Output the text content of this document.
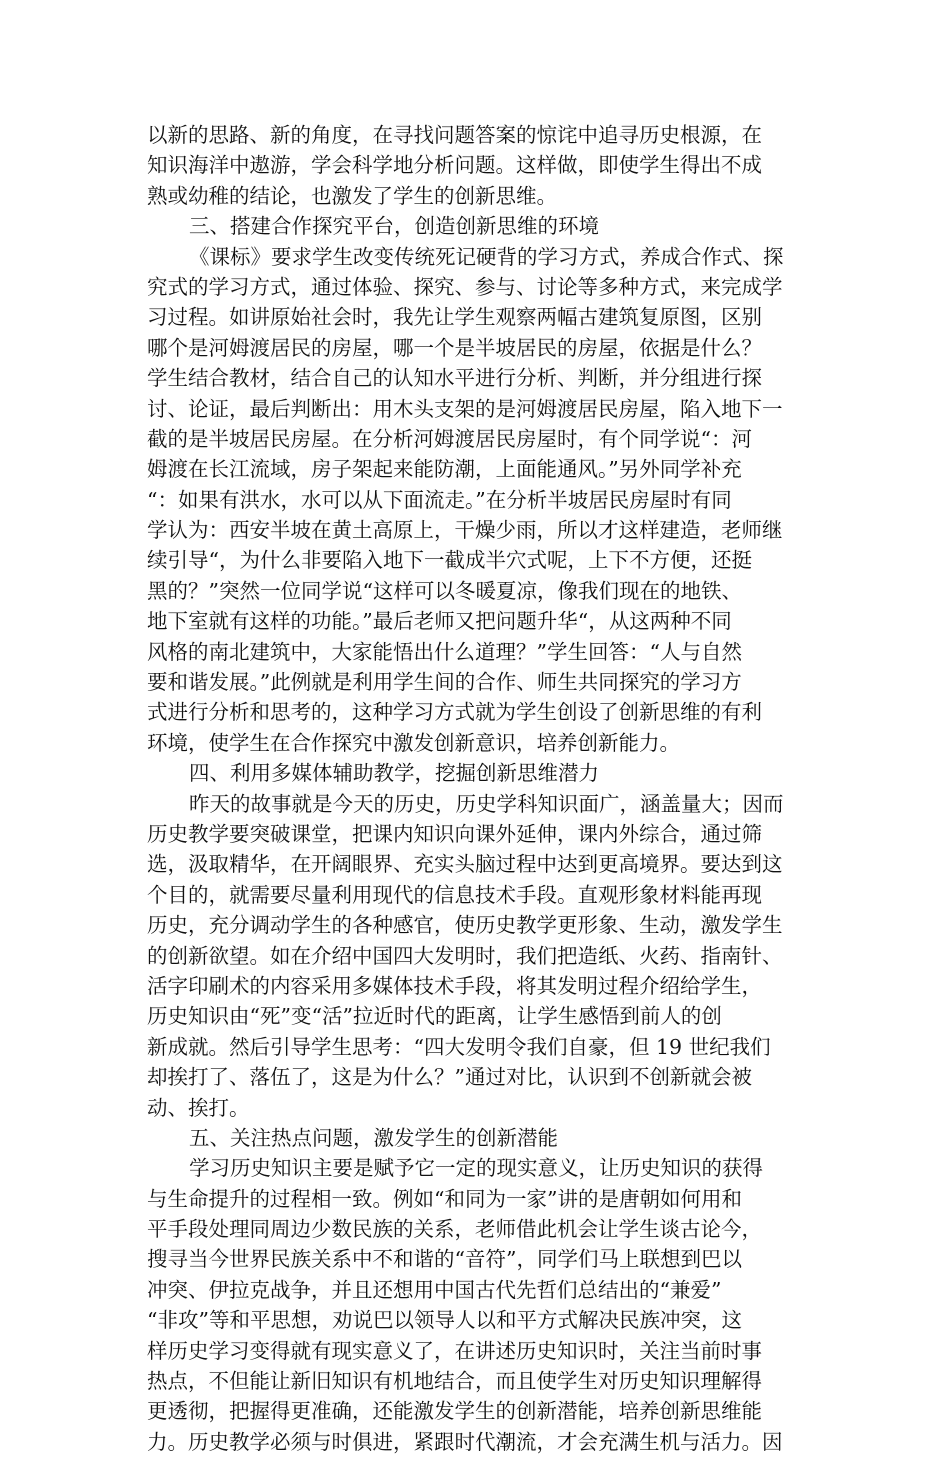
以新的思路、新的角度，在寻找问题答案的惊诧中追寻历史根源，在
知识海洋中遨游，学会科学地分析问题。这样做，即使学生得出不成
熟或幼稚的结论，也激发了学生的创新思维。
三、搭建合作探究平台，创造创新思维的环境
《课标》要求学生改变传统死记硬背的学习方式，养成合作式、探
究式的学习方式，通过体验、探究、参与、讨论等多种方式，来完成学
习过程。如讲原始社会时，我先让学生观察两幅古建筑复原图，区别
哪个是河姆渡居民的房屋，哪一个是半坡居民的房屋，依据是什么？
学生结合教材，结合自己的认知水平进行分析、判断，并分组进行探
讨、论证，最后判断出：用木头支架的是河姆渡居民房屋，陷入地下一
截的是半坡居民房屋。在分析河姆渡居民房屋时，有个同学说“：河
姆渡在长江流域，房子架起来能防潮，上面能通风。”另外同学补充
“：如果有洪水，水可以从下面流走。”在分析半坡居民房屋时有同
学认为：西安半坡在黄土高原上，干燥少雨，所以才这样建造，老师继
续引导“，为什么非要陷入地下一截成半穴式呢，上下不方便，还挺
黑的？”突然一位同学说“这样可以冬暖夏凉，像我们现在的地铁、
地下室就有这样的功能。”最后老师又把问题升华“，从这两种不同
风格的南北建筑中，大家能悟出什么道理？”学生回答：“人与自然
要和谐发展。”此例就是利用学生间的合作、师生共同探究的学习方
式进行分析和思考的，这种学习方式就为学生创设了创新思维的有利
环境，使学生在合作探究中激发创新意识，培养创新能力。
四、利用多媒体辅助教学，挖掘创新思维潜力
昨天的故事就是今天的历史，历史学科知识面广，涵盖量大；因而
历史教学要突破课堂，把课内知识向课外延伸，课内外综合，通过筛
选，汲取精华，在开阔眼界、充实头脑过程中达到更高境界。要达到这
个目的，就需要尽量利用现代的信息技术手段。直观形象材料能再现
历史，充分调动学生的各种感官，使历史教学更形象、生动，激发学生
的创新欲望。如在介绍中国四大发明时，我们把造纸、火药、指南针、
活字印刷术的内容采用多媒体技术手段，将其发明过程介绍给学生，
历史知识由“死”变“活”拉近时代的距离，让学生感悟到前人的创
新成就。然后引导学生思考：“四大发明令我们自豪，但 19 世纪我们
却挨打了、落伍了，这是为什么？”通过对比，认识到不创新就会被
动、挨打。
五、关注热点问题，激发学生的创新潜能
学习历史知识主要是赋予它一定的现实意义，让历史知识的获得
与生命提升的过程相一致。例如“和同为一家”讲的是唐朝如何用和
平手段处理同周边少数民族的关系，老师借此机会让学生谈古论今，
搜寻当今世界民族关系中不和谐的“音符”，同学们马上联想到巴以
冲突、伊拉克战争，并且还想用中国古代先哲们总结出的“兼爱”
“非攻”等和平思想，劝说巴以领导人以和平方式解决民族冲突，这
样历史学习变得就有现实意义了，在讲述历史知识时，关注当前时事
热点，不但能让新旧知识有机地结合，而且使学生对历史知识理解得
更透彻，把握得更准确，还能激发学生的创新潜能，培养创新思维能
力。历史教学必须与时俱进，紧跟时代潮流，才会充满生机与活力。因
